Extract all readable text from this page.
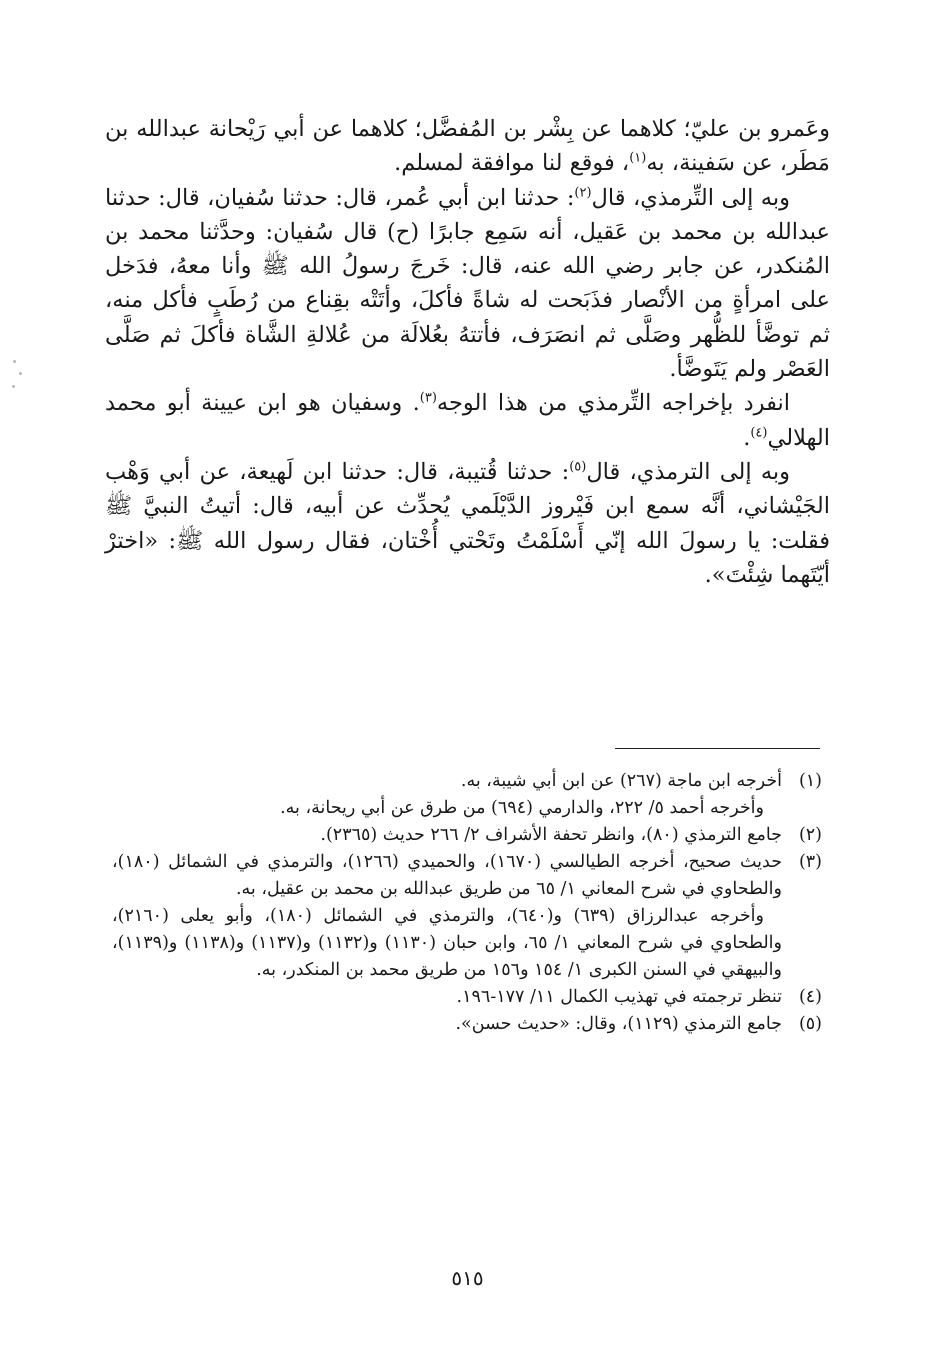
وعَمرو بن عليّ؛ كلاهما عن بِشْر بن المُفضَّل؛ كلاهما عن أبي رَيْحانة عبدالله بن مَطَر، عن سَفينة، به$^{(١)}$، فوقع لنا موافقة لمسلم.

وبه إلى التِّرمذي، قال$^{(٢)}$: حدثنا ابن أبي عُمر، قال: حدثنا سُفيان، قال: حدثنا عبدالله بن محمد بن عَقيل، أنه سَمِع جابرًا (ح) قال سُفيان: وحدَّثنا محمد بن المُنكدر، عن جابر رضي الله عنه، قال: خَرجَ رسولُ الله ﷺ وأنا معهُ، فدَخل على امرأةٍ من الأنْصار فذَبَحت له شاةً فأكلَ، وأتَتْه بقِناع من رُطَبٍ فأكل منه، ثم توضَّأ للظُّهر وصَلَّى ثم انصَرَف، فأتتهُ بعُلالَة من عُلالةِ الشَّاة فأكلَ ثم صَلَّى العَصْر ولم يَتَوضَّأ.

انفرد بإخراجه التِّرمذي من هذا الوجه$^{(٣)}$. وسفيان هو ابن عيينة أبو محمد الهلالي$^{(٤)}$.

وبه إلى الترمذي، قال$^{(٥)}$: حدثنا قُتيبة، قال: حدثنا ابن لَهيعة، عن أبي وَهْب الجَيْشاني، أنَّه سمع ابن فَيْروز الدَّيْلَمي يُحدِّث عن أبيه، قال: أتيتُ النبيَّ ﷺ فقلت: يا رسولَ الله إنّي أَسْلَمْتُ وتَحْتي أُخْتان، فقال رسول الله ﷺ: «اخترْ أيّتَهما شِئْتَ».

(١)
أخرجه ابن ماجة (٢٦٧) عن ابن أبي شيبة، به.
وأخرجه أحمد ٥/ ٢٢٢، والدارمي (٦٩٤) من طرق عن أبي ريحانة، به.
(٢)
جامع الترمذي (٨٠)، وانظر تحفة الأشراف ٢/ ٢٦٦ حديث (٢٣٦٥).
(٣)
حديث صحيح، أخرجه الطيالسي (١٦٧٠)، والحميدي (١٢٦٦)، والترمذي في الشمائل (١٨٠)، والطحاوي في شرح المعاني ١/ ٦٥ من طريق عبدالله بن محمد بن عقيل، به.
وأخرجه عبدالرزاق (٦٣٩) و(٦٤٠)، والترمذي في الشمائل (١٨٠)، وأبو يعلى (٢١٦٠)، والطحاوي في شرح المعاني ١/ ٦٥، وابن حبان (١١٣٠) و(١١٣٢) و(١١٣٧) و(١١٣٨) و(١١٣٩)، والبيهقي في السنن الكبرى ١/ ١٥٤ و١٥٦ من طريق محمد بن المنكدر، به.
(٤)
تنظر ترجمته في تهذيب الكمال ١١/ ١٧٧-١٩٦.
(٥)
جامع الترمذي (١١٢٩)، وقال: «حديث حسن».
٥١٥
